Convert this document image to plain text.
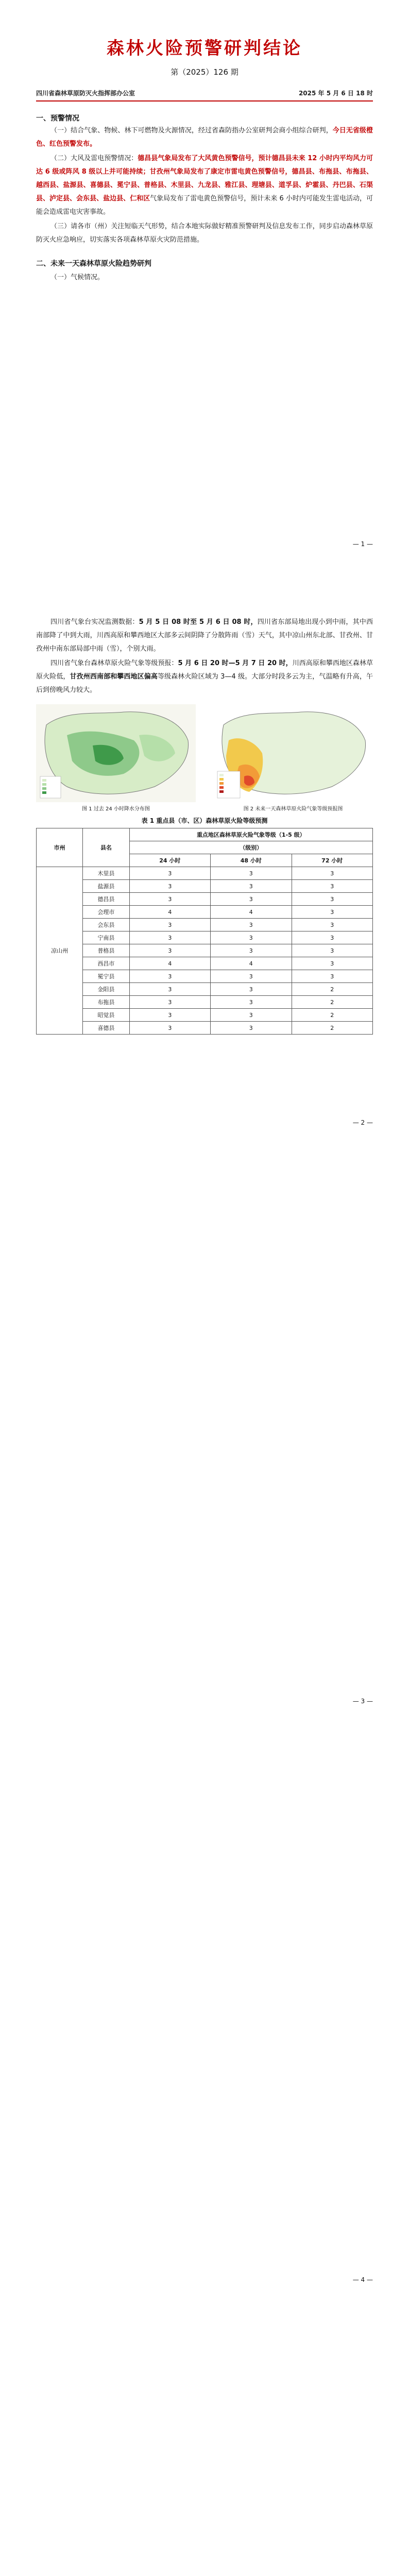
森林火险预警研判结论
第（2025）126 期
四川省森林草原防灭火指挥部办公室	2025 年 5 月 6 日 18 时
一、预警情况

（一）结合气象、物候、林下可燃物及火源情况，经过省森防指办公室研判会商小组综合研判，今日无省级橙色、红色预警发布。

（二）大风及雷电预警情况：德昌县气象局发布了大风黄色预警信号，预计德昌县未来 12 小时内平均风力可达 6 级或阵风 8 级以上并可能持续；甘孜州气象局发布了康定市雷电黄色预警信号，德昌县、布拖县、布拖县、越西县、盐源县、喜德县、冕宁县、普格县、木里县、九龙县、雅江县、理塘县、道孚县、炉霍县、丹巴县、石渠县、泸定县、会东县、盐边县、仁和区气象局发布了雷电黄色预警信号，预计未来 6 小时内可能发生雷电活动，可能会造成雷电灾害事故。

（三）请各市（州）关注短临天气形势，结合本地实际做好精准预警研判及信息发布工作，同步启动森林草原防灭火应急响应，切实落实各项森林草原火灾防范措施。

二、未来一天森林草原火险趋势研判
（一）气候情况。
— 1 —

四川省气象台实况监测数据：5 月 5 日 08 时至 5 月 6 日 08 时，四川省东部局地出现小到中雨，其中西南部降了中到大雨，川西高原和攀西地区大部多云间阴降了分散阵雨（雪）天气，其中凉山州东北部、甘孜州、甘孜州中南东部局部中雨（雪），个别大雨。

四川省气象台森林草原火险气象等级预报：5 月 6 日 20 时—5 月 7 日 20 时，川西高原和攀西地区森林草原火险低，甘孜州西南部和攀西地区偏高等级森林火险区域为 3—4 级。大部分时段多云为主，气温略有升高，午后到傍晚风力较大。

图 1 过去 24 小时降水分布图	图 2 未来一天森林草原火险气象等级预报图
表 1 重点县（市、区）森林草原火险等级预测
市州	县名	重点地区森林草原火险气象等级（1-5 级）		
		（级别）		
		24 小时	48 小时	72 小时
凉山州	木里县	3	3	3
	盐源县	3	3	3
	德昌县	3	3	3
	会理市	4	4	3
	会东县	3	3	3
	宁南县	3	3	3
	普格县	3	3	3
	西昌市	4	4	3
	冕宁县	3	3	3
	金阳县	3	3	2
	布拖县	3	3	2
	昭觉县	3	3	2
	喜德县	3	3	2
— 2 —
— 3 —
— 4 —
